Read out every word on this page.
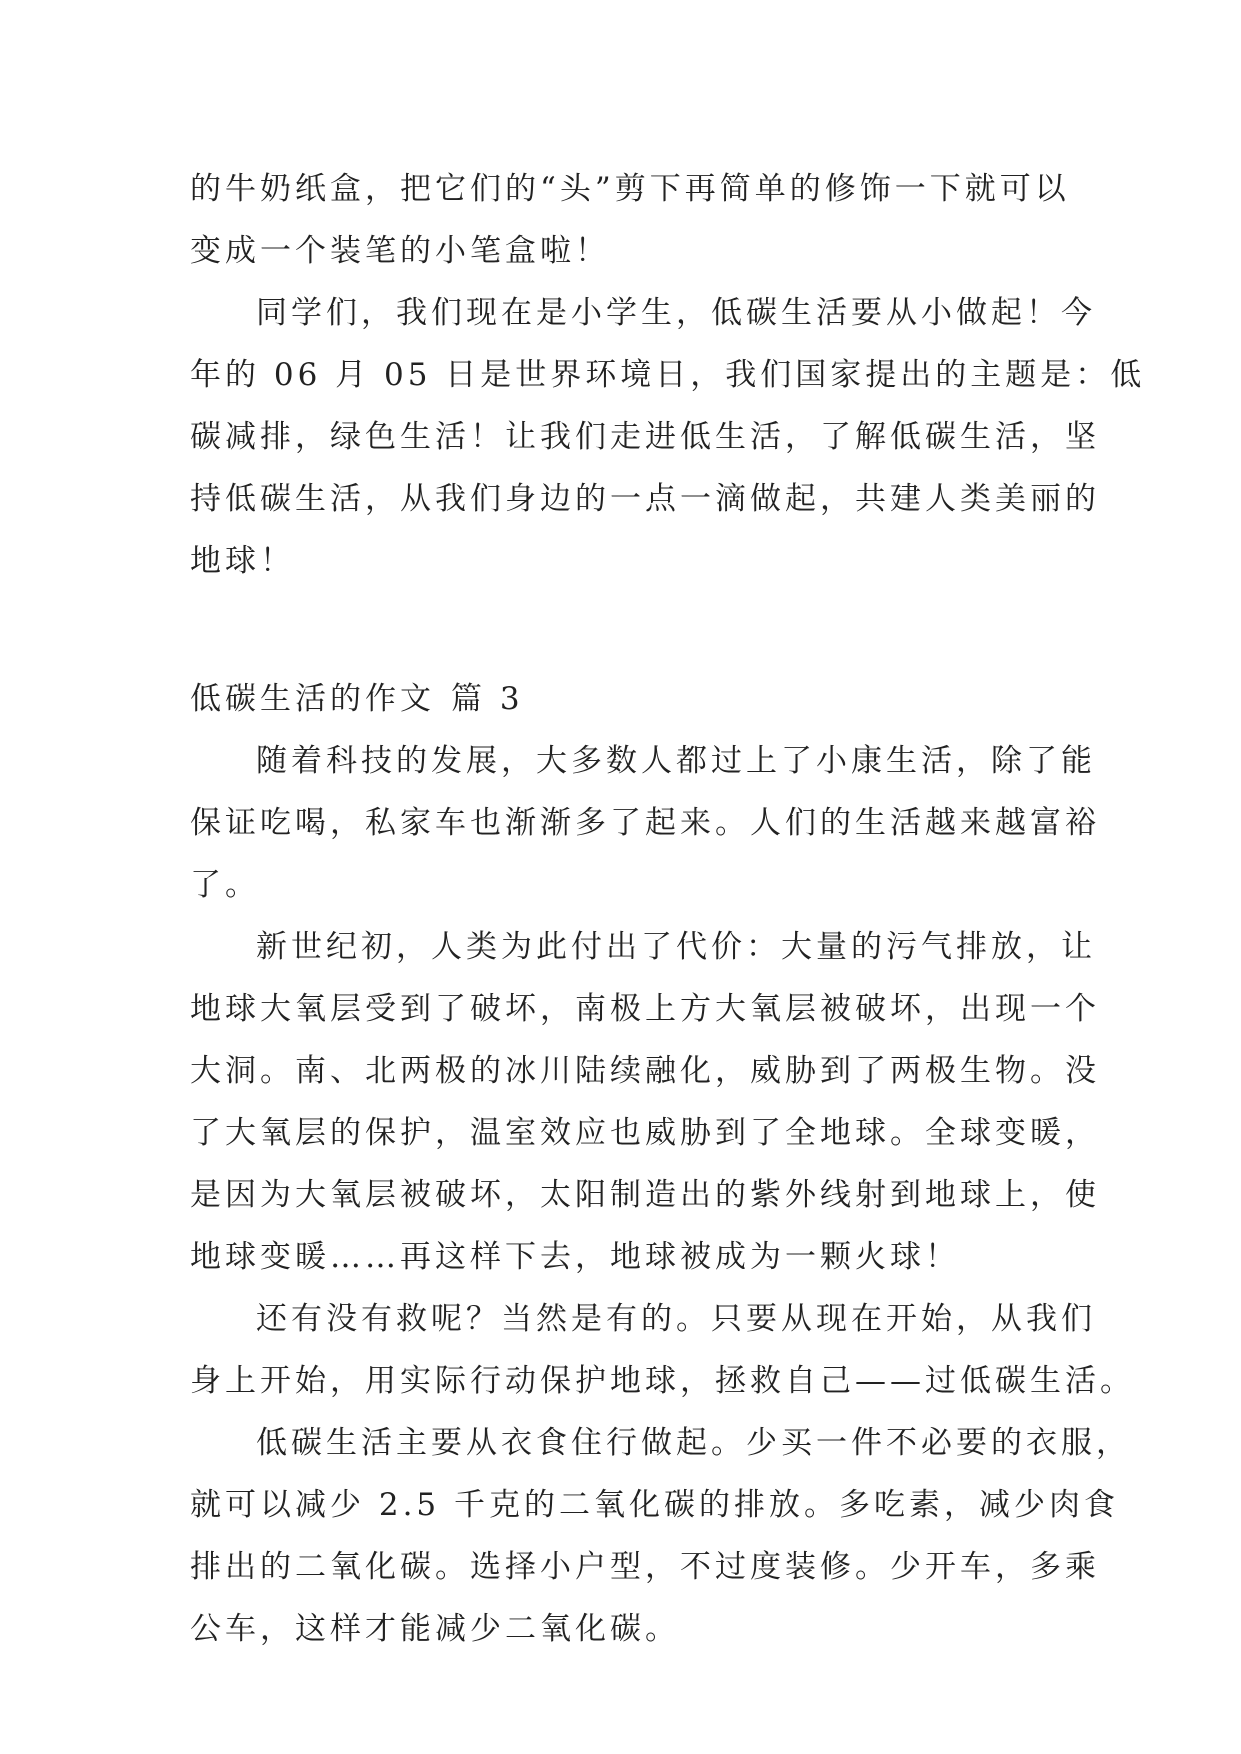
的牛奶纸盒，把它们的“头”剪下再简单的修饰一下就可以
变成一个装笔的小笔盒啦！
同学们，我们现在是小学生，低碳生活要从小做起！今
年的 06 月 05 日是世界环境日，我们国家提出的主题是：低
碳减排，绿色生活！让我们走进低生活，了解低碳生活，坚
持低碳生活，从我们身边的一点一滴做起，共建人类美丽的
地球！
低碳生活的作文 篇 3
随着科技的发展，大多数人都过上了小康生活，除了能
保证吃喝，私家车也渐渐多了起来。人们的生活越来越富裕
了。
新世纪初，人类为此付出了代价：大量的污气排放，让
地球大氧层受到了破坏，南极上方大氧层被破坏，出现一个
大洞。南、北两极的冰川陆续融化，威胁到了两极生物。没
了大氧层的保护，温室效应也威胁到了全地球。全球变暖，
是因为大氧层被破坏，太阳制造出的紫外线射到地球上，使
地球变暖……再这样下去，地球被成为一颗火球！
还有没有救呢？当然是有的。只要从现在开始，从我们
身上开始，用实际行动保护地球，拯救自己——过低碳生活。
低碳生活主要从衣食住行做起。少买一件不必要的衣服，
就可以减少 2.5 千克的二氧化碳的排放。多吃素，减少肉食
排出的二氧化碳。选择小户型，不过度装修。少开车，多乘
公车，这样才能减少二氧化碳。
